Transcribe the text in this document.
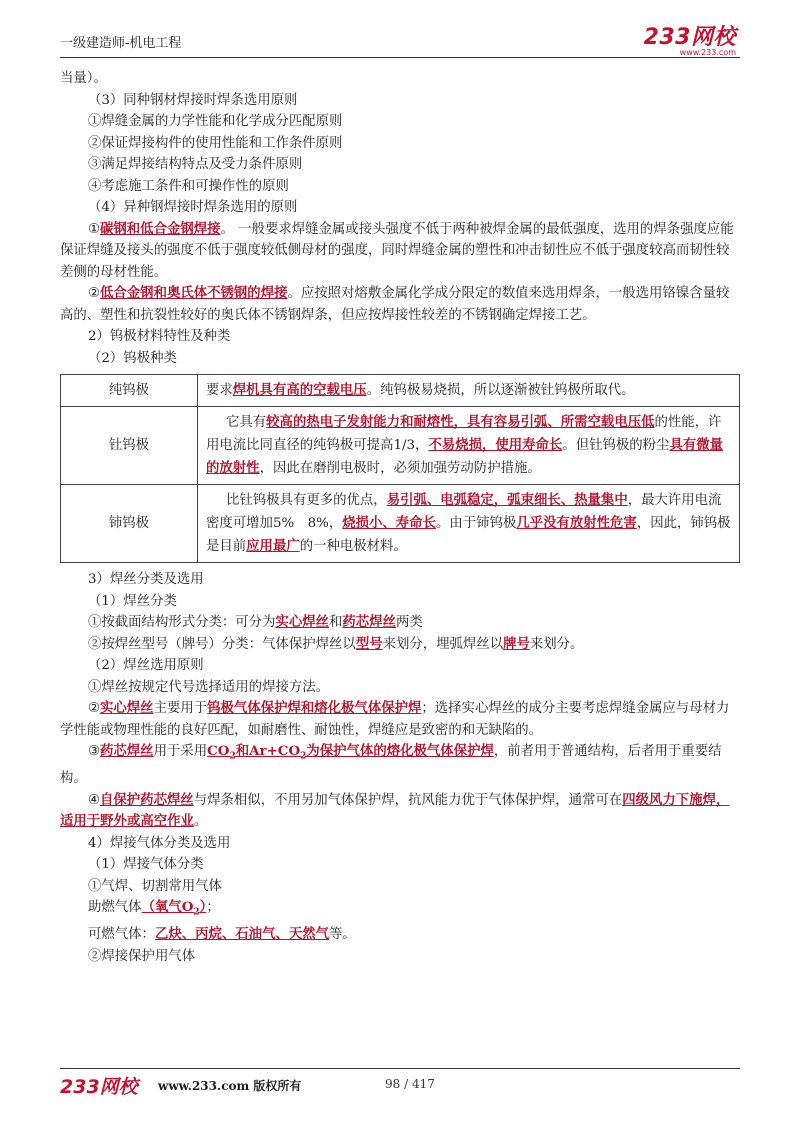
一级建造师-机电工程	233网校
www.233.com

当量）。

（3）同种钢材焊接时焊条选用原则

①焊缝金属的力学性能和化学成分匹配原则

②保证焊接构件的使用性能和工作条件原则

③满足焊接结构特点及受力条件原则

④考虑施工条件和可操作性的原则

（4）异种钢焊接时焊条选用的原则

①碳钢和低合金钢焊接。 一般要求焊缝金属或接头强度不低于两种被焊金属的最低强度，选用的焊条强度应能保证焊缝及接头的强度不低于强度较低侧母材的强度，同时焊缝金属的塑性和冲击韧性应不低于强度较高而韧性较差侧的母材性能。

②低合金钢和奥氏体不锈钢的焊接。应按照对熔敷金属化学成分限定的数值来选用焊条，一般选用铬镍含量较高的、塑性和抗裂性较好的奥氏体不锈钢焊条，但应按焊接性较差的不锈钢确定焊接工艺。

2）钨极材料特性及种类

（2）钨极种类

纯钨极	要求焊机具有高的空载电压。纯钨极易烧损，所以逐渐被钍钨极所取代。
钍钨极	它具有较高的热电子发射能力和耐熔性，具有容易引弧、所需空载电压低的性能，许用电流比同直径的纯钨极可提高1/3，不易烧损，使用寿命长。但钍钨极的粉尘具有微量的放射性，因此在磨削电极时，必须加强劳动防护措施。
铈钨极	比钍钨极具有更多的优点，易引弧、电弧稳定，弧束细长、热量集中，最大许用电流密度可增加5%　8%，烧损小、寿命长。由于铈钨极几乎没有放射性危害，因此，铈钨极是目前应用最广的一种电极材料。

3）焊丝分类及选用

（1）焊丝分类

①按截面结构形式分类：可分为实心焊丝和药芯焊丝两类

②按焊丝型号（牌号）分类：气体保护焊丝以型号来划分，埋弧焊丝以牌号来划分。

（2）焊丝选用原则

①焊丝按规定代号选择适用的焊接方法。

②实心焊丝主要用于钨极气体保护焊和熔化极气体保护焊；选择实心焊丝的成分主要考虑焊缝金属应与母材力学性能或物理性能的良好匹配，如耐磨性、耐蚀性，焊缝应是致密的和无缺陷的。

③药芯焊丝用于采用$CO_2$和$Ar+CO_2$为保护气体的熔化极气体保护焊，前者用于普通结构，后者用于重要结构。

④自保护药芯焊丝与焊条相似，不用另加气体保护焊，抗风能力优于气体保护焊，通常可在四级风力下施焊，适用于野外或高空作业。

4）焊接气体分类及选用

（1）焊接气体分类

①气焊、切割常用气体

助燃气体（氧气$O_2$）；

可燃气体：乙炔、丙烷、石油气、天然气等。

②焊接保护用气体

233网校 www.233.com 版权所有	98 / 417
